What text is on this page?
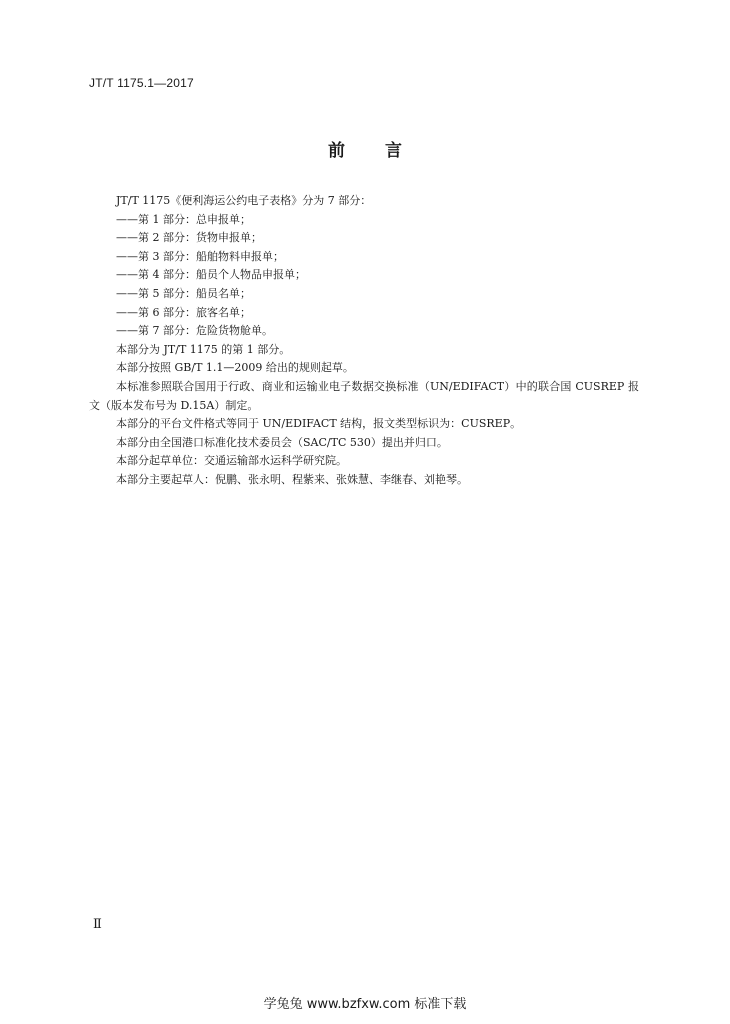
JT/T 1175.1—2017
前言

JT/T 1175《便利海运公约电子表格》分为 7 部分：

——第 1 部分：总申报单；

——第 2 部分：货物申报单；

——第 3 部分：船舶物料申报单；

——第 4 部分：船员个人物品申报单；

——第 5 部分：船员名单；

——第 6 部分：旅客名单；

——第 7 部分：危险货物舱单。

本部分为 JT/T 1175 的第 1 部分。

本部分按照 GB/T 1.1—2009 给出的规则起草。

本标准参照联合国用于行政、商业和运输业电子数据交换标准（UN/EDIFACT）中的联合国 CUSREP 报文（版本发布号为 D.15A）制定。

本部分的平台文件格式等同于 UN/EDIFACT 结构，报文类型标识为：CUSREP。

本部分由全国港口标准化技术委员会（SAC/TC 530）提出并归口。

本部分起草单位：交通运输部水运科学研究院。

本部分主要起草人：倪鹏、张永明、程紫来、张姝慧、李继春、刘艳琴。

Ⅱ
学兔兔 www.bzfxw.com 标准下载
